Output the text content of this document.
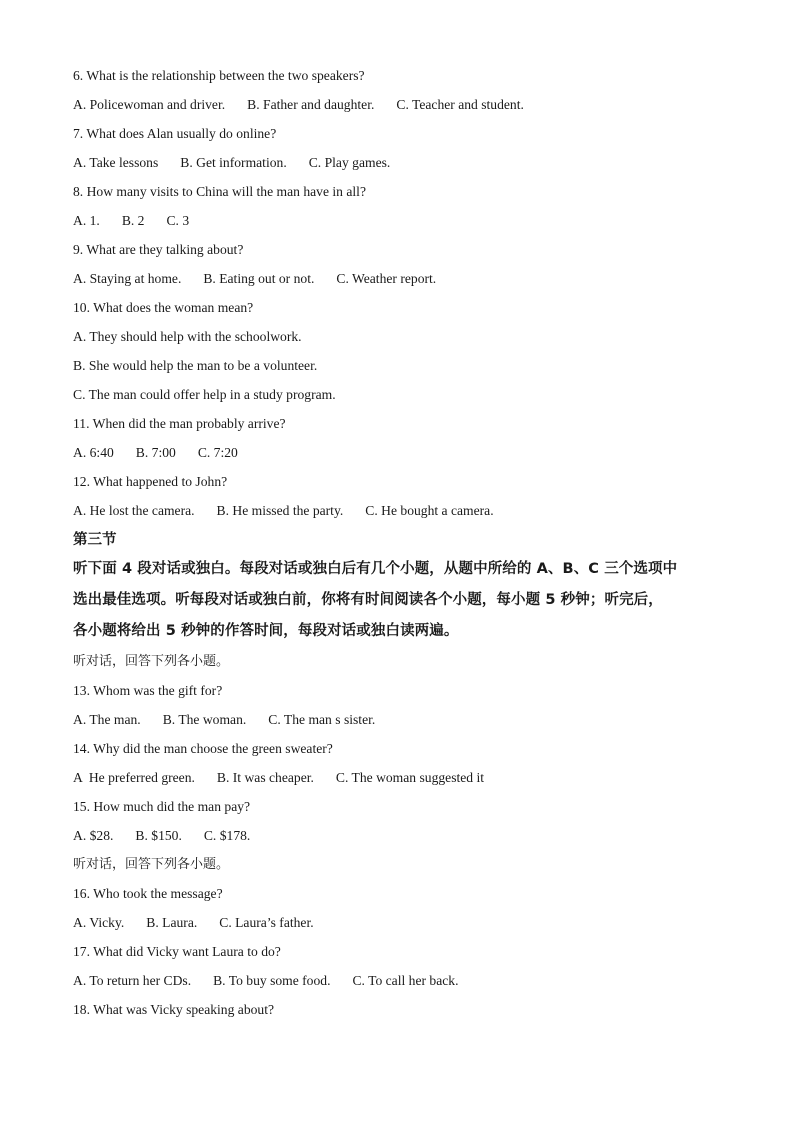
6. What is the relationship between the two speakers?
A. Policewoman and driver. B. Father and daughter. C. Teacher and student.
7. What does Alan usually do online?
A. Take lessons B. Get information. C. Play games.
8. How many visits to China will the man have in all?
A. 1. B. 2 C. 3
9. What are they talking about?
A. Staying at home. B. Eating out or not. C. Weather report.
10. What does the woman mean?
A. They should help with the schoolwork.
B. She would help the man to be a volunteer.
C. The man could offer help in a study program.
11. When did the man probably arrive?
A. 6:40 B. 7:00 C. 7:20
12. What happened to John?
A. He lost the camera. B. He missed the party. C. He bought a camera.
第三节
听下面 4 段对话或独白。每段对话或独白后有几个小题，从题中所给的 A、B、C 三个选项中
选出最佳选项。听每段对话或独白前，你将有时间阅读各个小题，每小题 5 秒钟；听完后，
各小题将给出 5 秒钟的作答时间，每段对话或独白读两遍。
听对话，回答下列各小题。
13. Whom was the gift for?
A. The man. B. The woman. C. The man s sister.
14. Why did the man choose the green sweater?
A  He preferred green. B. It was cheaper. C. The woman suggested it
15. How much did the man pay?
A. $28. B. $150. C. $178.
听对话，回答下列各小题。
16. Who took the message?
A. Vicky. B. Laura. C. Laura’s father.
17. What did Vicky want Laura to do?
A. To return her CDs. B. To buy some food. C. To call her back.
18. What was Vicky speaking about?
